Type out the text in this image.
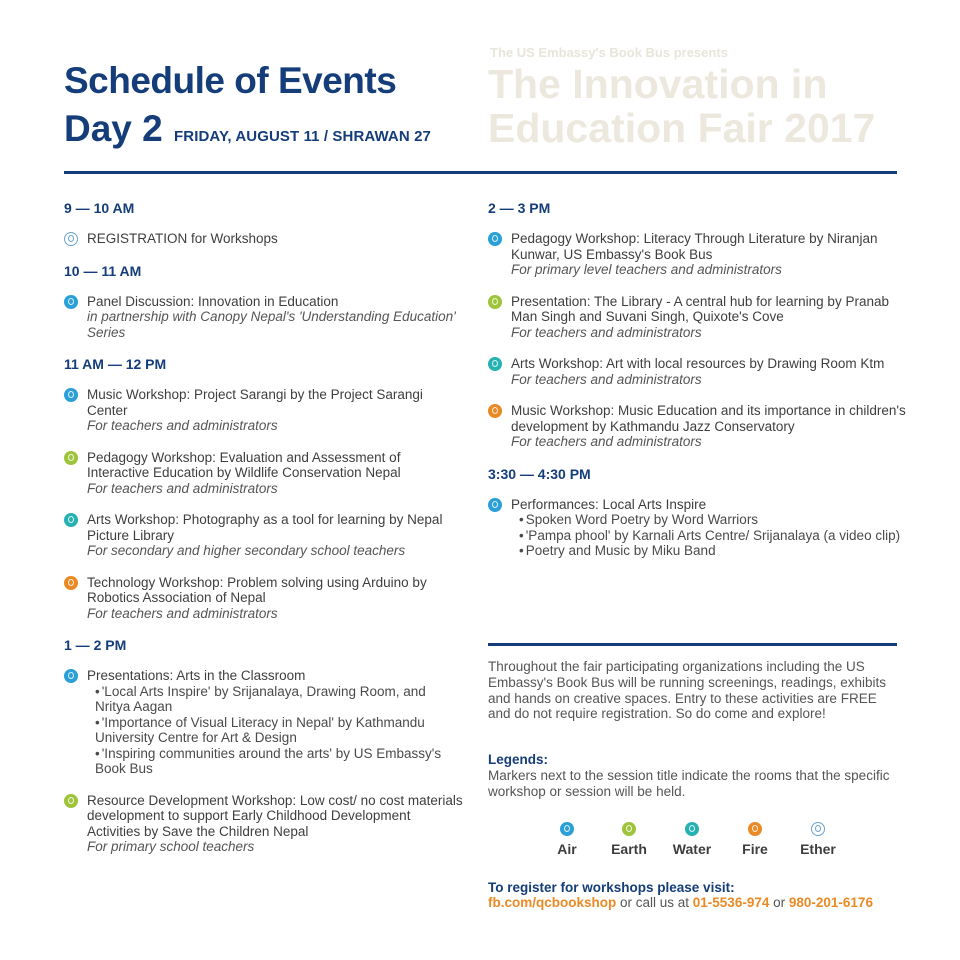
Schedule of Events
Day 2 FRIDAY, AUGUST 11 / SHRAWAN 27
The US Embassy's Book Bus presents
The Innovation in Education Fair 2017
9 — 10 AM
REGISTRATION for Workshops
10 — 11 AM
Panel Discussion: Innovation in Education
in partnership with Canopy Nepal's 'Understanding Education' Series
11 AM — 12 PM
Music Workshop: Project Sarangi by the Project Sarangi Center
For teachers and administrators
Pedagogy Workshop: Evaluation and Assessment of Interactive Education by Wildlife Conservation Nepal
For teachers and administrators
Arts Workshop: Photography as a tool for learning by Nepal Picture Library
For secondary and higher secondary school teachers
Technology Workshop: Problem solving using Arduino by Robotics Association of Nepal
For teachers and administrators
1 — 2 PM
Presentations: Arts in the Classroom
• 'Local Arts Inspire' by Srijanalaya, Drawing Room, and Nritya Aagan
• 'Importance of Visual Literacy in Nepal' by Kathmandu University Centre for Art & Design
• 'Inspiring communities around the arts' by US Embassy's Book Bus
Resource Development Workshop: Low cost/ no cost materials development to support Early Childhood Development Activities by Save the Children Nepal
For primary school teachers
2 — 3 PM
Pedagogy Workshop: Literacy Through Literature by Niranjan Kunwar, US Embassy's Book Bus
For primary level teachers and administrators
Presentation: The Library - A central hub for learning by Pranab Man Singh and Suvani Singh, Quixote's Cove
For teachers and administrators
Arts Workshop: Art with local resources by Drawing Room Ktm
For teachers and administrators
Music Workshop: Music Education and its importance in children's development by Kathmandu Jazz Conservatory
For teachers and administrators
3:30 — 4:30 PM
Performances: Local Arts Inspire
• Spoken Word Poetry by Word Warriors
• 'Pampa phool' by Karnali Arts Centre/ Srijanalaya (a video clip)
• Poetry and Music by Miku Band
Throughout the fair participating organizations including the US Embassy's Book Bus will be running screenings, readings, exhibits and hands on creative spaces. Entry to these activities are FREE and do not require registration. So do come and explore!
Legends:
Markers next to the session title indicate the rooms that the specific workshop or session will be held.
Air	Earth	Water	Fire	Ether
To register for workshops please visit:
fb.com/qcbookshop or call us at 01-5536-974 or 980-201-6176
